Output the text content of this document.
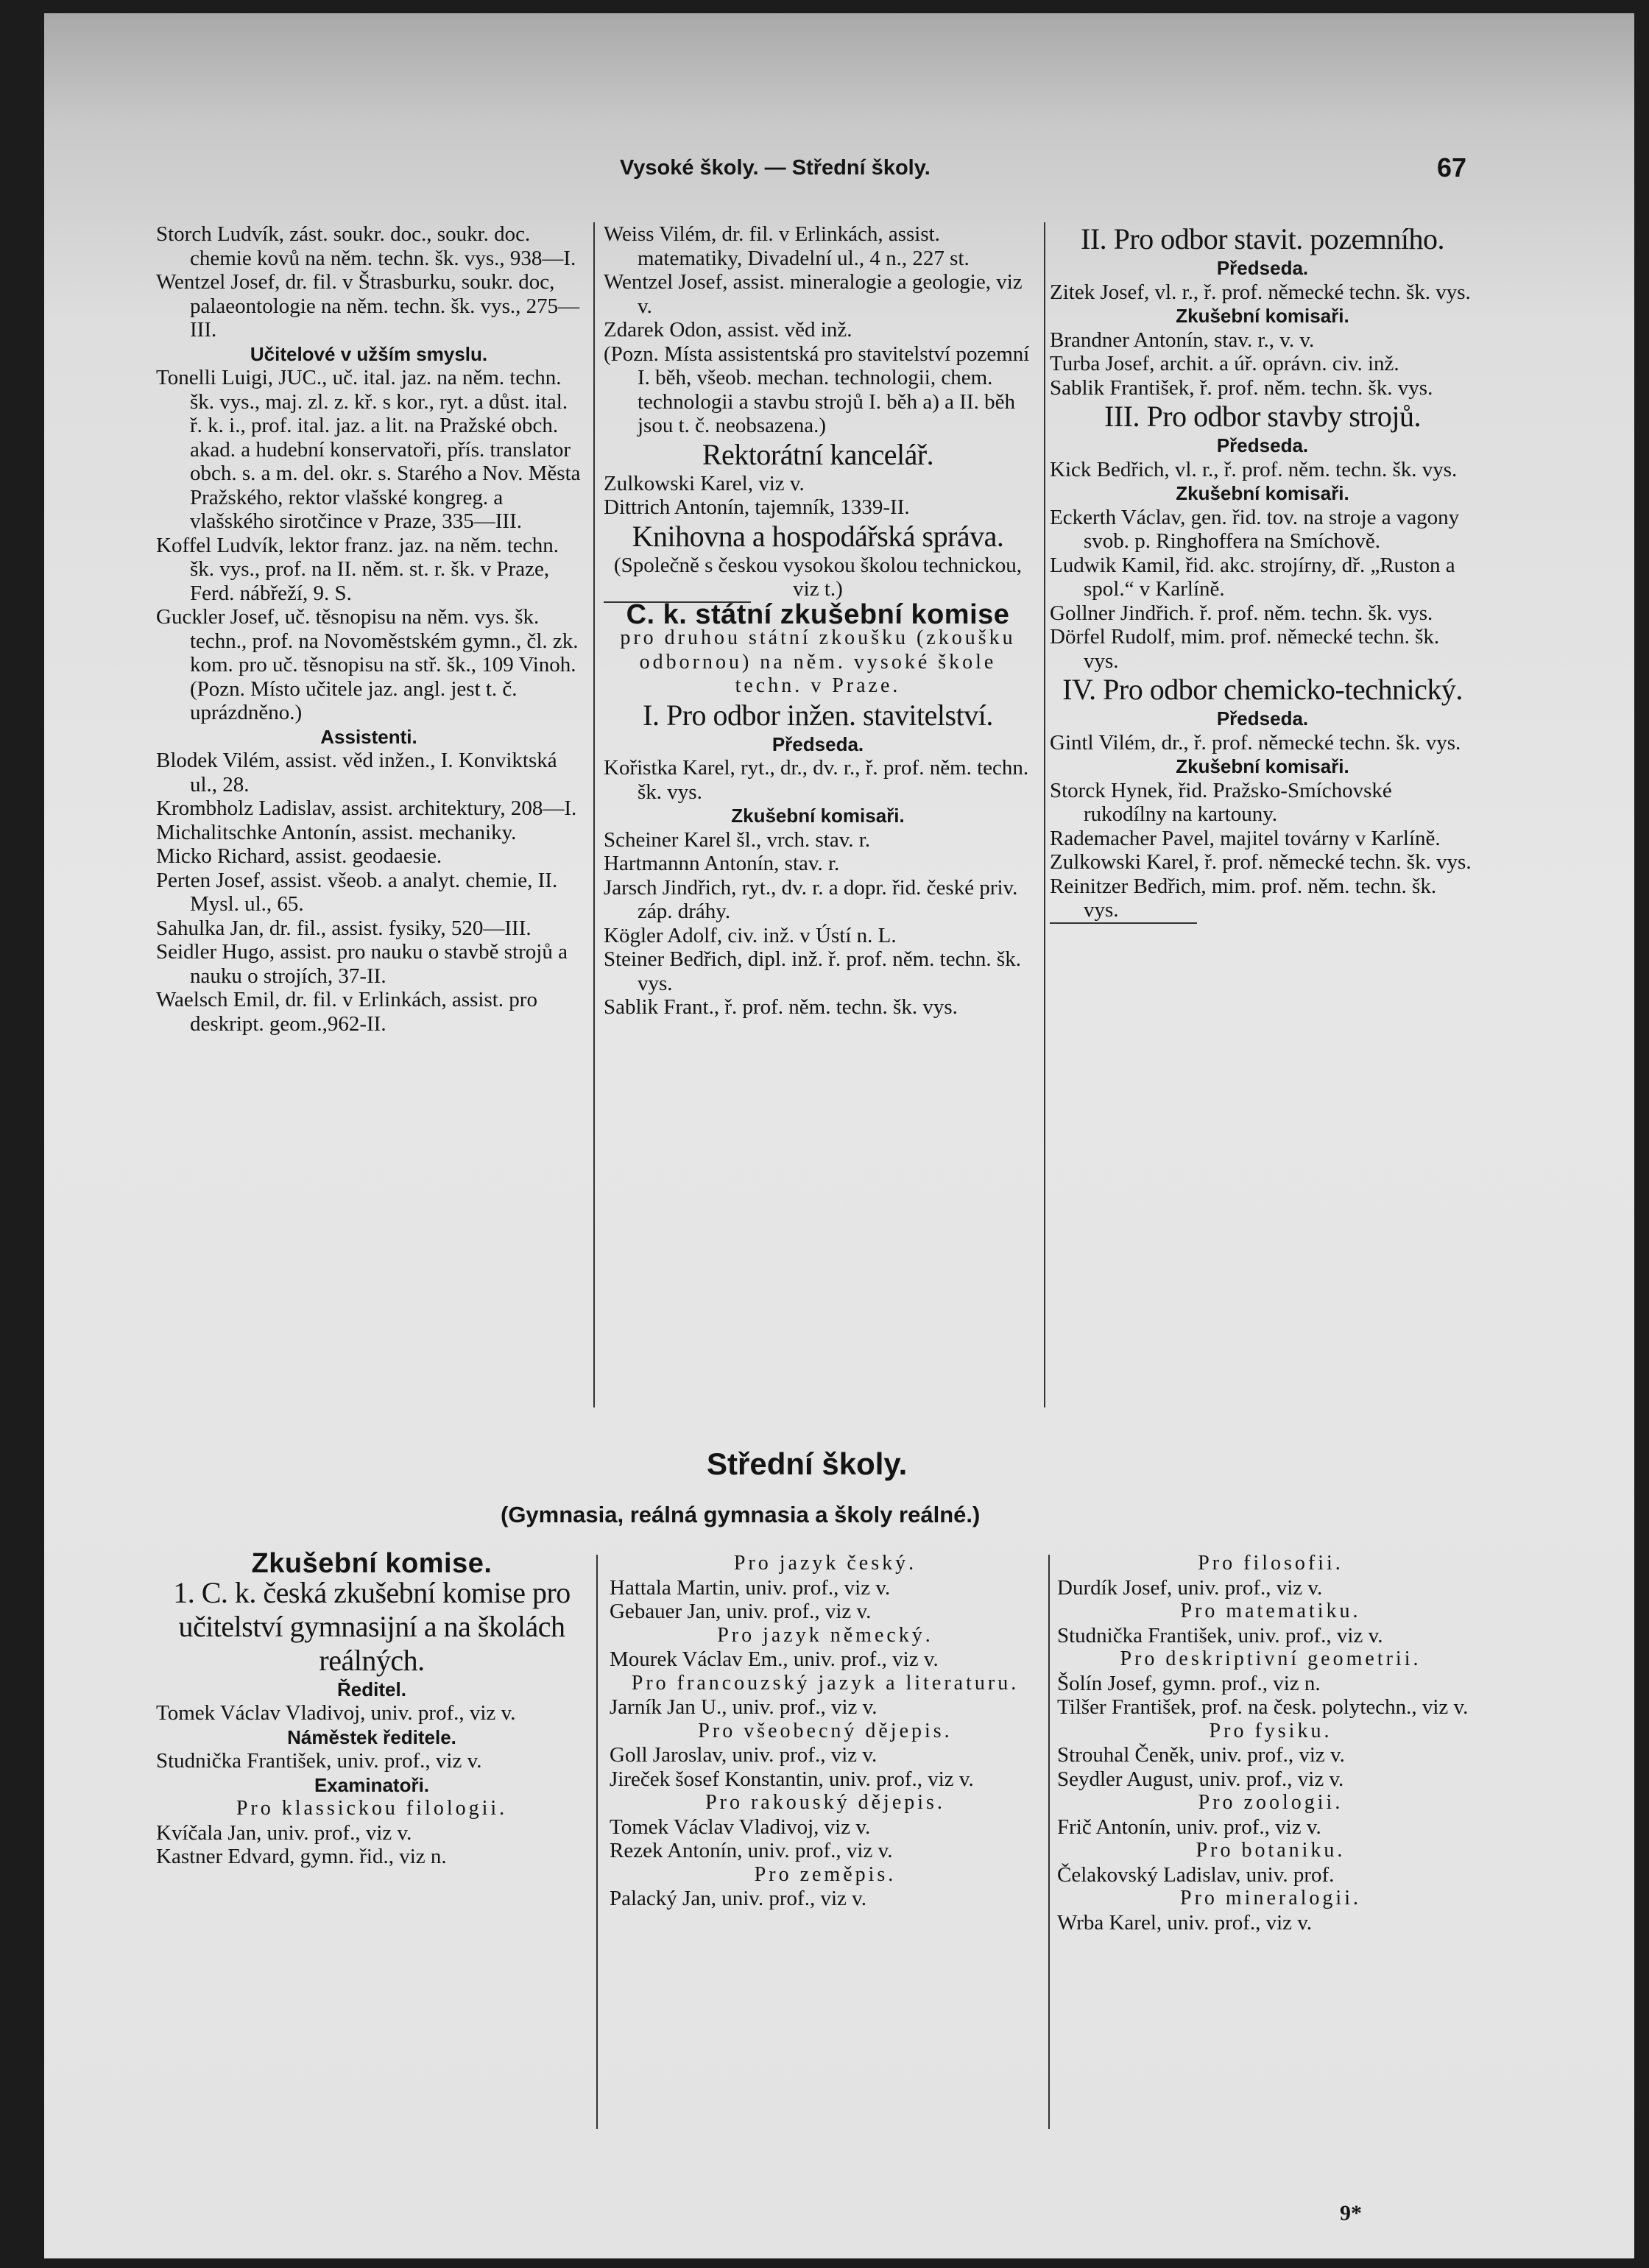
Vysoké školy. — Střední školy.	67
Storch Ludvík, zást. soukr. doc., soukr. doc. chemie kovů na něm. techn. šk. vys., 938—I.
Wentzel Josef, dr. fil. v Štrasburku, soukr. doc, palaeontologie na něm. techn. šk. vys., 275—III.
Učitelové v užším smyslu.
Tonelli Luigi, JUC., uč. ital. jaz. na něm. techn. šk. vys., maj. zl. z. kř. s kor., ryt. a důst. ital. ř. k. i., prof. ital. jaz. a lit. na Pražské obch. akad. a hudební konservatoři, přís. translator obch. s. a m. del. okr. s. Starého a Nov. Města Pražského, rektor vlašské kongreg. a vlašského sirotčince v Praze, 335—III.
Koffel Ludvík, lektor franz. jaz. na něm. techn. šk. vys., prof. na II. něm. st. r. šk. v Praze, Ferd. nábřeží, 9. S.
Guckler Josef, uč. těsnopisu na něm. vys. šk. techn., prof. na Novoměstském gymn., čl. zk. kom. pro uč. těsnopisu na stř. šk., 109 Vinoh. (Pozn. Místo učitele jaz. angl. jest t. č. uprázdněno.)
Assistenti.
Blodek Vilém, assist. věd inžen., I. Konviktská ul., 28.
Krombholz Ladislav, assist. architektury, 208—I.
Michalitschke Antonín, assist. mechaniky.
Micko Richard, assist. geodaesie.
Perten Josef, assist. všeob. a analyt. chemie, II. Mysl. ul., 65.
Sahulka Jan, dr. fil., assist. fysiky, 520—III.
Seidler Hugo, assist. pro nauku o stavbě strojů a nauku o strojích, 37-II.
Waelsch Emil, dr. fil. v Erlinkách, assist. pro deskript. geom.,962-II.
Weiss Vilém, dr. fil. v Erlinkách, assist. matematiky, Divadelní ul., 4 n., 227 st.
Wentzel Josef, assist. mineralogie a geologie, viz v.
Zdarek Odon, assist. věd inž.
(Pozn. Místa assistentská pro stavitelství pozemní I. běh, všeob. mechan. technologii, chem. technologii a stavbu strojů I. běh a) a II. běh jsou t. č. neobsazena.)
Rektorátní kancelář.
Zulkowski Karel, viz v.
Dittrich Antonín, tajemník, 1339-II.
Knihovna a hospodářská správa.
(Společně s českou vysokou školou technickou, viz t.)
C. k. státní zkušební komise
pro druhou státní zkoušku (zkoušku odbornou) na něm. vysoké škole techn. v Praze.
I. Pro odbor inžen. stavitelství.
Předseda.
Kořistka Karel, ryt., dr., dv. r., ř. prof. něm. techn. šk. vys.
Zkušební komisaři.
Scheiner Karel šl., vrch. stav. r.
Hartmannn Antonín, stav. r.
Jarsch Jindřich, ryt., dv. r. a dopr. řid. české priv. záp. dráhy.
Kögler Adolf, civ. inž. v Ústí n. L.
Steiner Bedřich, dipl. inž. ř. prof. něm. techn. šk. vys.
Sablik Frant., ř. prof. něm. techn. šk. vys.
II. Pro odbor stavit. pozemního.
Předseda.
Zitek Josef, vl. r., ř. prof. německé techn. šk. vys.
Zkušební komisaři.
Brandner Antonín, stav. r., v. v.
Turba Josef, archit. a úř. oprávn. civ. inž.
Sablik František, ř. prof. něm. techn. šk. vys.
III. Pro odbor stavby strojů.
Předseda.
Kick Bedřich, vl. r., ř. prof. něm. techn. šk. vys.
Zkušební komisaři.
Eckerth Václav, gen. řid. tov. na stroje a vagony svob. p. Ringhoffera na Smíchově.
Ludwik Kamil, řid. akc. strojírny, dř. „Ruston a spol.“ v Karlíně.
Gollner Jindřich. ř. prof. něm. techn. šk. vys.
Dörfel Rudolf, mim. prof. německé techn. šk. vys.
IV. Pro odbor chemicko-technický.
Předseda.
Gintl Vilém, dr., ř. prof. německé techn. šk. vys.
Zkušební komisaři.
Storck Hynek, řid. Pražsko-Smíchovské rukodílny na kartouny.
Rademacher Pavel, majitel továrny v Karlíně.
Zulkowski Karel, ř. prof. německé techn. šk. vys.
Reinitzer Bedřich, mim. prof. něm. techn. šk. vys.
Střední školy.
(Gymnasia, reálná gymnasia a školy reálné.)
Zkušební komise.
1. C. k. česká zkušební komise pro učitelství gymnasijní a na školách reálných.
Ředitel.
Tomek Václav Vladivoj, univ. prof., viz v.
Náměstek ředitele.
Studnička František, univ. prof., viz v.
Examinatoři.
Pro klassickou filologii.
Kvíčala Jan, univ. prof., viz v.
Kastner Edvard, gymn. řid., viz n.
Pro jazyk český.
Hattala Martin, univ. prof., viz v.
Gebauer Jan, univ. prof., viz v.
Pro jazyk německý.
Mourek Václav Em., univ. prof., viz v.
Pro francouzský jazyk a literaturu.
Jarník Jan U., univ. prof., viz v.
Pro všeobecný dějepis.
Goll Jaroslav, univ. prof., viz v.
Jireček šosef Konstantin, univ. prof., viz v.
Pro rakouský dějepis.
Tomek Václav Vladivoj, viz v.
Rezek Antonín, univ. prof., viz v.
Pro zeměpis.
Palacký Jan, univ. prof., viz v.
Pro filosofii.
Durdík Josef, univ. prof., viz v.
Pro matematiku.
Studnička František, univ. prof., viz v.
Pro deskriptivní geometrii.
Šolín Josef, gymn. prof., viz n.
Tilšer František, prof. na česk. polytechn., viz v.
Pro fysiku.
Strouhal Čeněk, univ. prof., viz v.
Seydler August, univ. prof., viz v.
Pro zoologii.
Frič Antonín, univ. prof., viz v.
Pro botaniku.
Čelakovský Ladislav, univ. prof.
Pro mineralogii.
Wrba Karel, univ. prof., viz v.
9*
